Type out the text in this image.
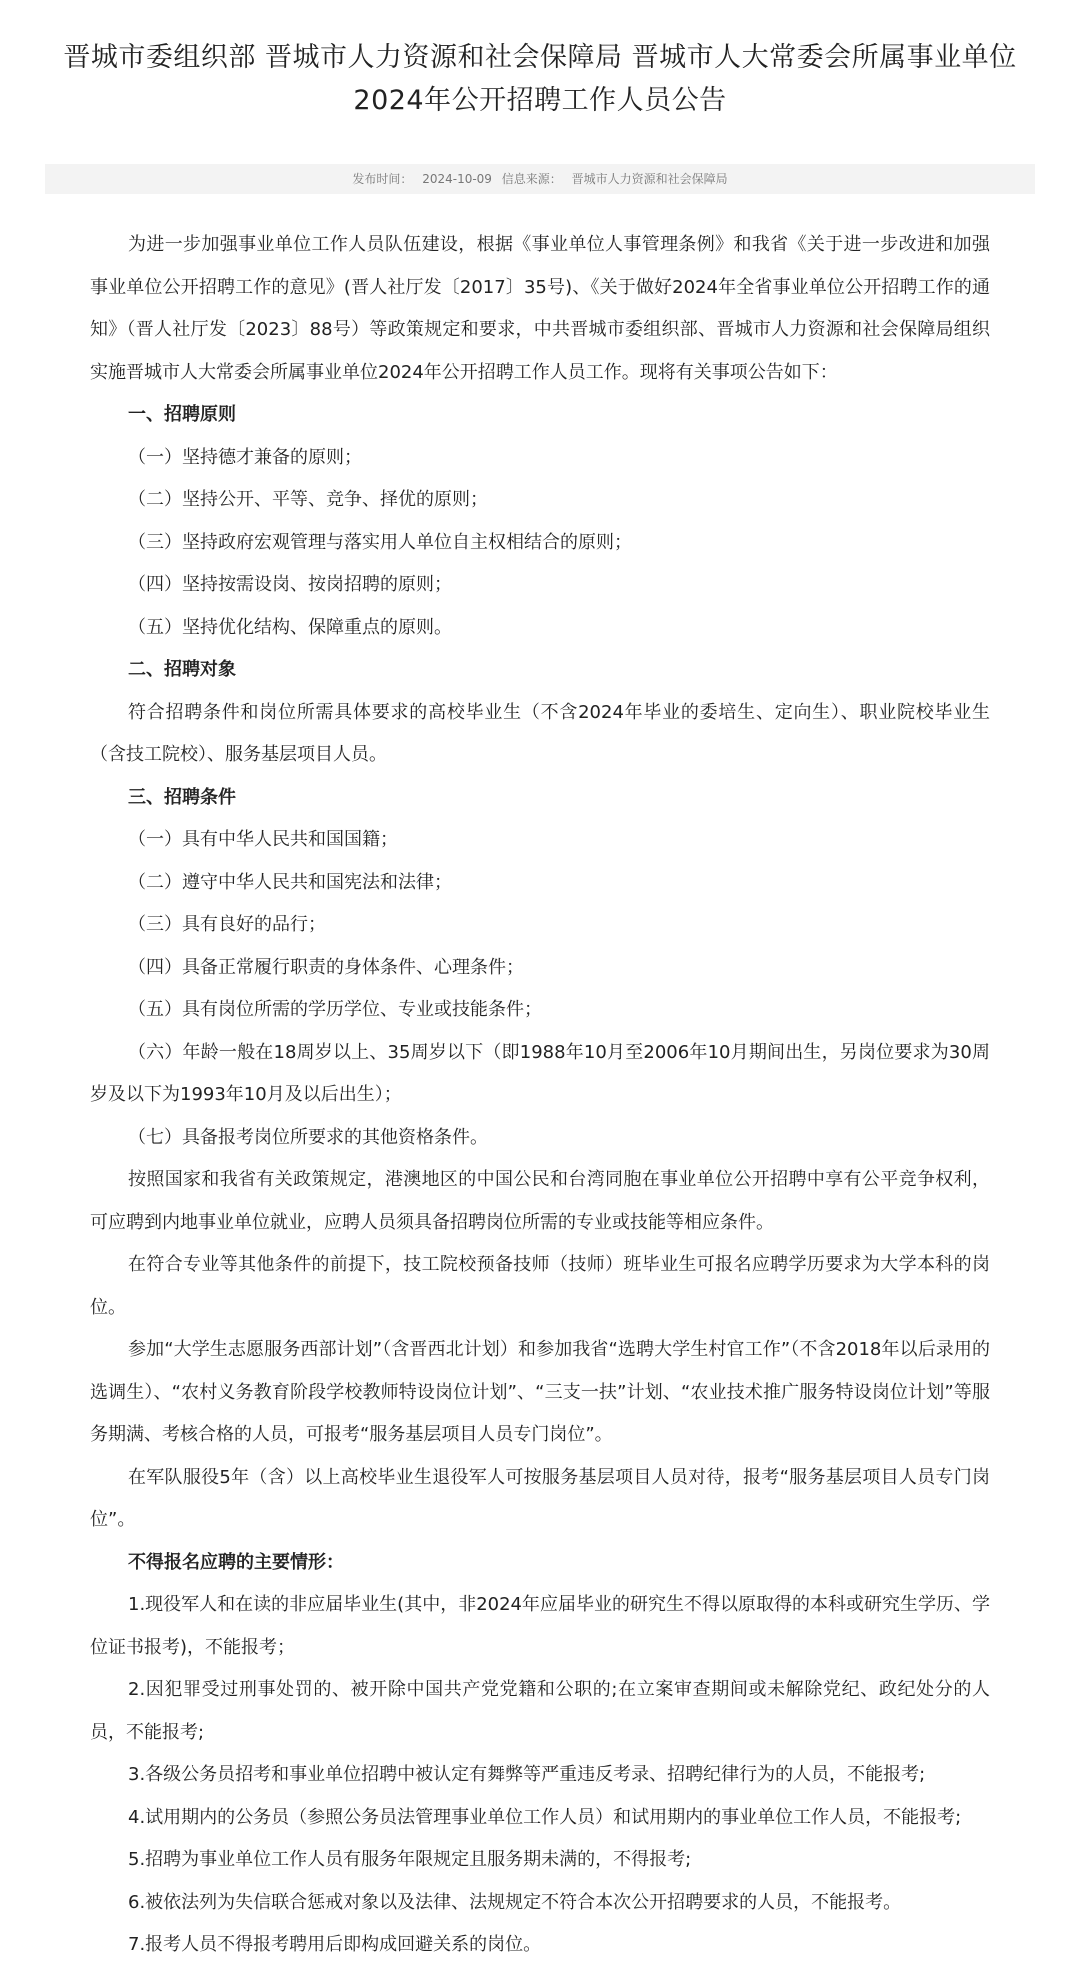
晋城市委组织部 晋城市人力资源和社会保障局 晋城市人大常委会所属事业单位
2024年公开招聘工作人员公告
发布时间： 2024-10-09 信息来源： 晋城市人力资源和社会保障局

为进一步加强事业单位工作人员队伍建设，根据《事业单位人事管理条例》和我省《关于进一步改进和加强事业单位公开招聘工作的意见》(晋人社厅发〔2017〕35号)、《关于做好2024年全省事业单位公开招聘工作的通知》（晋人社厅发〔2023〕88号）等政策规定和要求，中共晋城市委组织部、晋城市人力资源和社会保障局组织实施晋城市人大常委会所属事业单位2024年公开招聘工作人员工作。现将有关事项公告如下：

一、招聘原则

（一）坚持德才兼备的原则；

（二）坚持公开、平等、竞争、择优的原则；

（三）坚持政府宏观管理与落实用人单位自主权相结合的原则；

（四）坚持按需设岗、按岗招聘的原则；

（五）坚持优化结构、保障重点的原则。

二、招聘对象

符合招聘条件和岗位所需具体要求的高校毕业生（不含2024年毕业的委培生、定向生）、职业院校毕业生（含技工院校）、服务基层项目人员。

三、招聘条件

（一）具有中华人民共和国国籍；

（二）遵守中华人民共和国宪法和法律；

（三）具有良好的品行；

（四）具备正常履行职责的身体条件、心理条件；

（五）具有岗位所需的学历学位、专业或技能条件；

（六）年龄一般在18周岁以上、35周岁以下（即1988年10月至2006年10月期间出生，另岗位要求为30周岁及以下为1993年10月及以后出生）；

（七）具备报考岗位所要求的其他资格条件。

按照国家和我省有关政策规定，港澳地区的中国公民和台湾同胞在事业单位公开招聘中享有公平竞争权利，可应聘到内地事业单位就业，应聘人员须具备招聘岗位所需的专业或技能等相应条件。

在符合专业等其他条件的前提下，技工院校预备技师（技师）班毕业生可报名应聘学历要求为大学本科的岗位。

参加“大学生志愿服务西部计划”（含晋西北计划）和参加我省“选聘大学生村官工作”（不含2018年以后录用的选调生）、“农村义务教育阶段学校教师特设岗位计划”、“三支一扶”计划、“农业技术推广服务特设岗位计划”等服务期满、考核合格的人员，可报考“服务基层项目人员专门岗位”。

在军队服役5年（含）以上高校毕业生退役军人可按服务基层项目人员对待，报考“服务基层项目人员专门岗位”。

不得报名应聘的主要情形：

1.现役军人和在读的非应届毕业生(其中，非2024年应届毕业的研究生不得以原取得的本科或研究生学历、学位证书报考)，不能报考；

2.因犯罪受过刑事处罚的、被开除中国共产党党籍和公职的;在立案审查期间或未解除党纪、政纪处分的人员，不能报考;

3.各级公务员招考和事业单位招聘中被认定有舞弊等严重违反考录、招聘纪律行为的人员，不能报考;

4.试用期内的公务员（参照公务员法管理事业单位工作人员）和试用期内的事业单位工作人员，不能报考;

5.招聘为事业单位工作人员有服务年限规定且服务期未满的，不得报考;

6.被依法列为失信联合惩戒对象以及法律、法规规定不符合本次公开招聘要求的人员，不能报考。

7.报考人员不得报考聘用后即构成回避关系的岗位。
